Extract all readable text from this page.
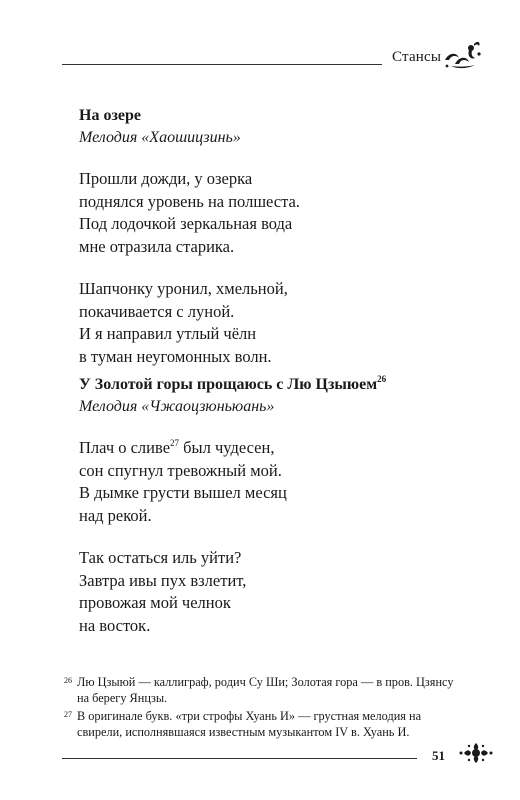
Стансы

На озере

Мелодия «Хаошицзинь»

Прошли дожди, у озерка
поднялся уровень на полшеста.
Под лодочкой зеркальная вода
мне отразила старика.
Шапчонку уронил, хмельной,
покачивается с луной.
И я направил утлый чёлн
в туман неугомонных волн.

У Золотой горы прощаюсь с Лю Цзыюем$^{26}$

Мелодия «Чжаоцзюньюань»

Плач о сливе$^{27}$ был чудесен,
сон спугнул тревожный мой.
В дымке грусти вышел месяц
над рекой.
Так остаться иль уйти?
Завтра ивы пух взлетит,
провожая мой челнок
на восток.
26 Лю Цзыюй — каллиграф, родич Су Ши; Золотая гора — в пров. Цзянсу на берегу Янцзы.
27 В оригинале букв. «три строфы Хуань И» — грустная мелодия на свирели, исполнявшаяся известным музыкантом IV в. Хуань И.
51
